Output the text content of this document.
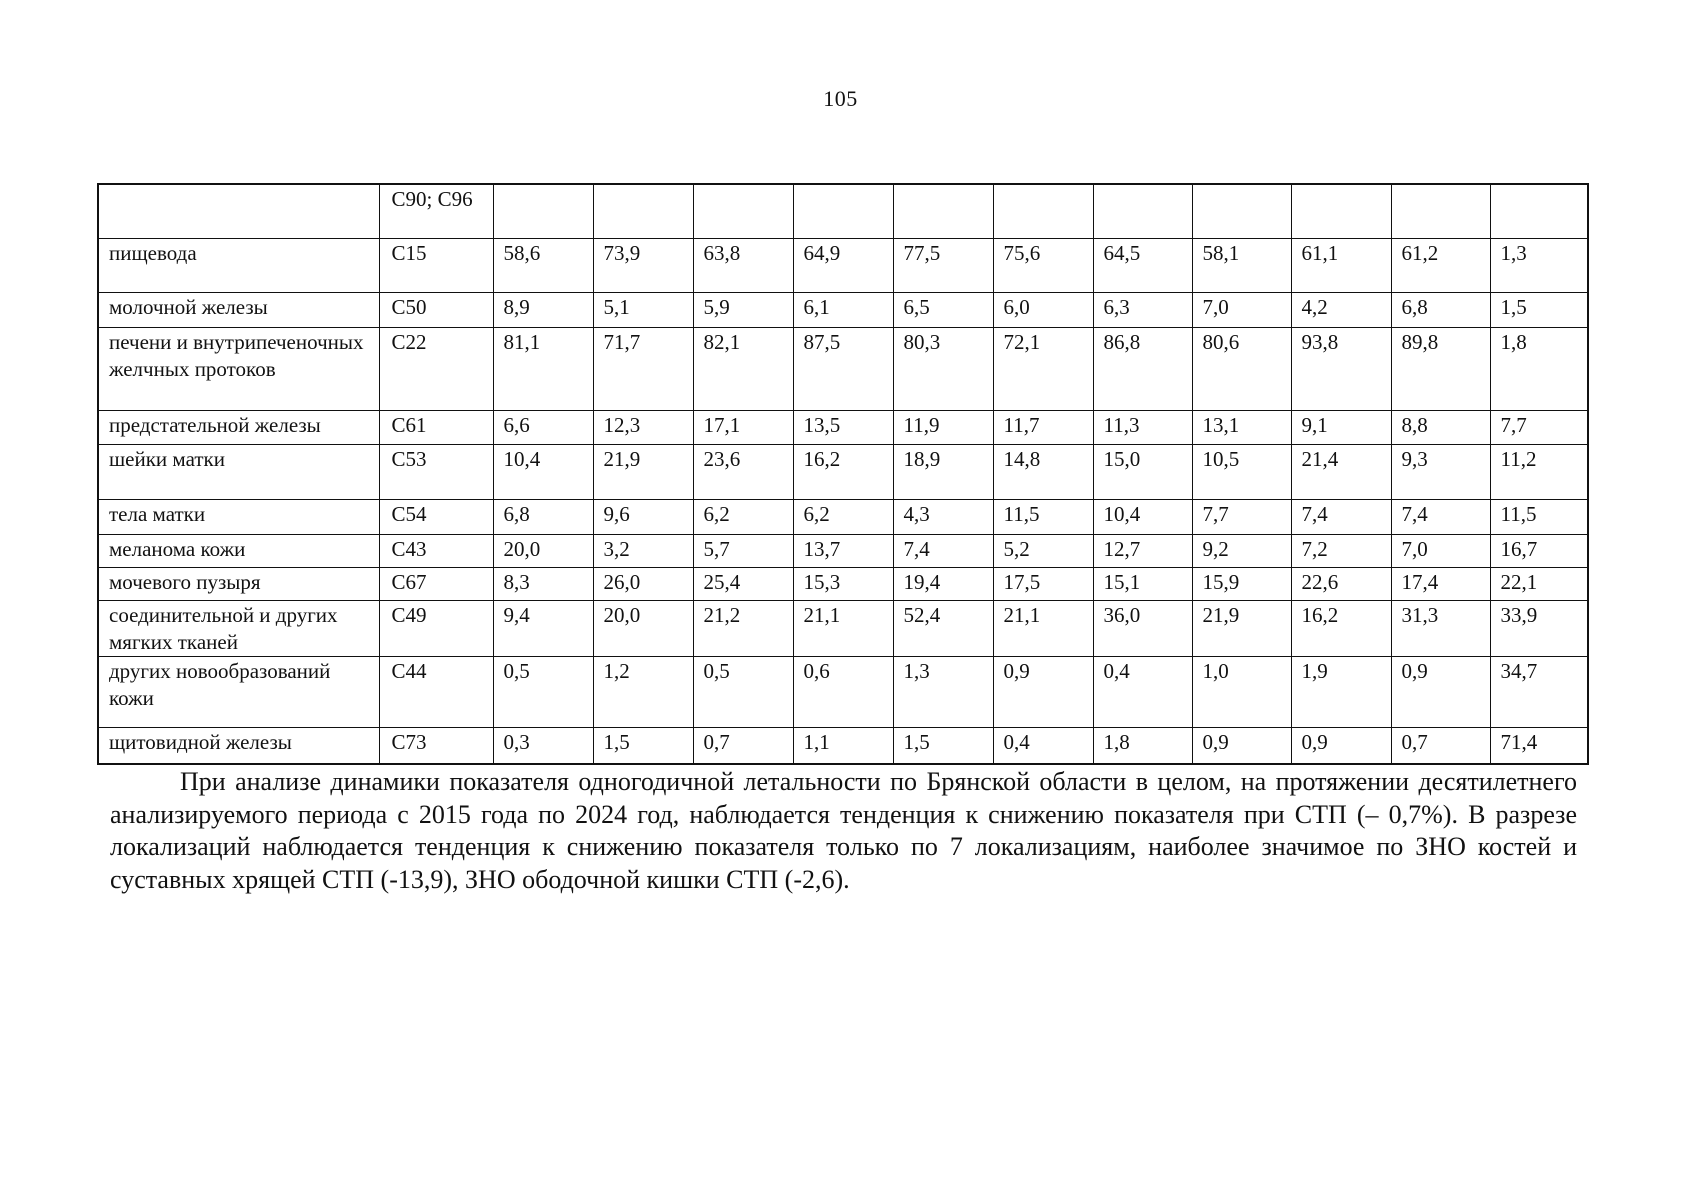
105
	C90; C96											
пищевода	C15	58,6	73,9	63,8	64,9	77,5	75,6	64,5	58,1	61,1	61,2	1,3
молочной железы	C50	8,9	5,1	5,9	6,1	6,5	6,0	6,3	7,0	4,2	6,8	1,5
печени и внутрипеченочных желчных протоков	C22	81,1	71,7	82,1	87,5	80,3	72,1	86,8	80,6	93,8	89,8	1,8
предстательной железы	C61	6,6	12,3	17,1	13,5	11,9	11,7	11,3	13,1	9,1	8,8	7,7
шейки матки	C53	10,4	21,9	23,6	16,2	18,9	14,8	15,0	10,5	21,4	9,3	11,2
тела матки	C54	6,8	9,6	6,2	6,2	4,3	11,5	10,4	7,7	7,4	7,4	11,5
меланома кожи	C43	20,0	3,2	5,7	13,7	7,4	5,2	12,7	9,2	7,2	7,0	16,7
мочевого пузыря	C67	8,3	26,0	25,4	15,3	19,4	17,5	15,1	15,9	22,6	17,4	22,1
соединительной и других мягких тканей	C49	9,4	20,0	21,2	21,1	52,4	21,1	36,0	21,9	16,2	31,3	33,9
других новообразований кожи	C44	0,5	1,2	0,5	0,6	1,3	0,9	0,4	1,0	1,9	0,9	34,7
щитовидной железы	C73	0,3	1,5	0,7	1,1	1,5	0,4	1,8	0,9	0,9	0,7	71,4
При анализе динамики показателя одногодичной летальности по Брянской области в целом, на протяжении десятилетнего анализируемого периода с 2015 года по 2024 год, наблюдается тенденция к снижению показателя при СТП (– 0,7%). В разрезе локализаций наблюдается тенденция к снижению показателя только по 7 локализациям, наиболее значимое по ЗНО костей и суставных хрящей СТП (-13,9), ЗНО ободочной кишки СТП (-2,6).
